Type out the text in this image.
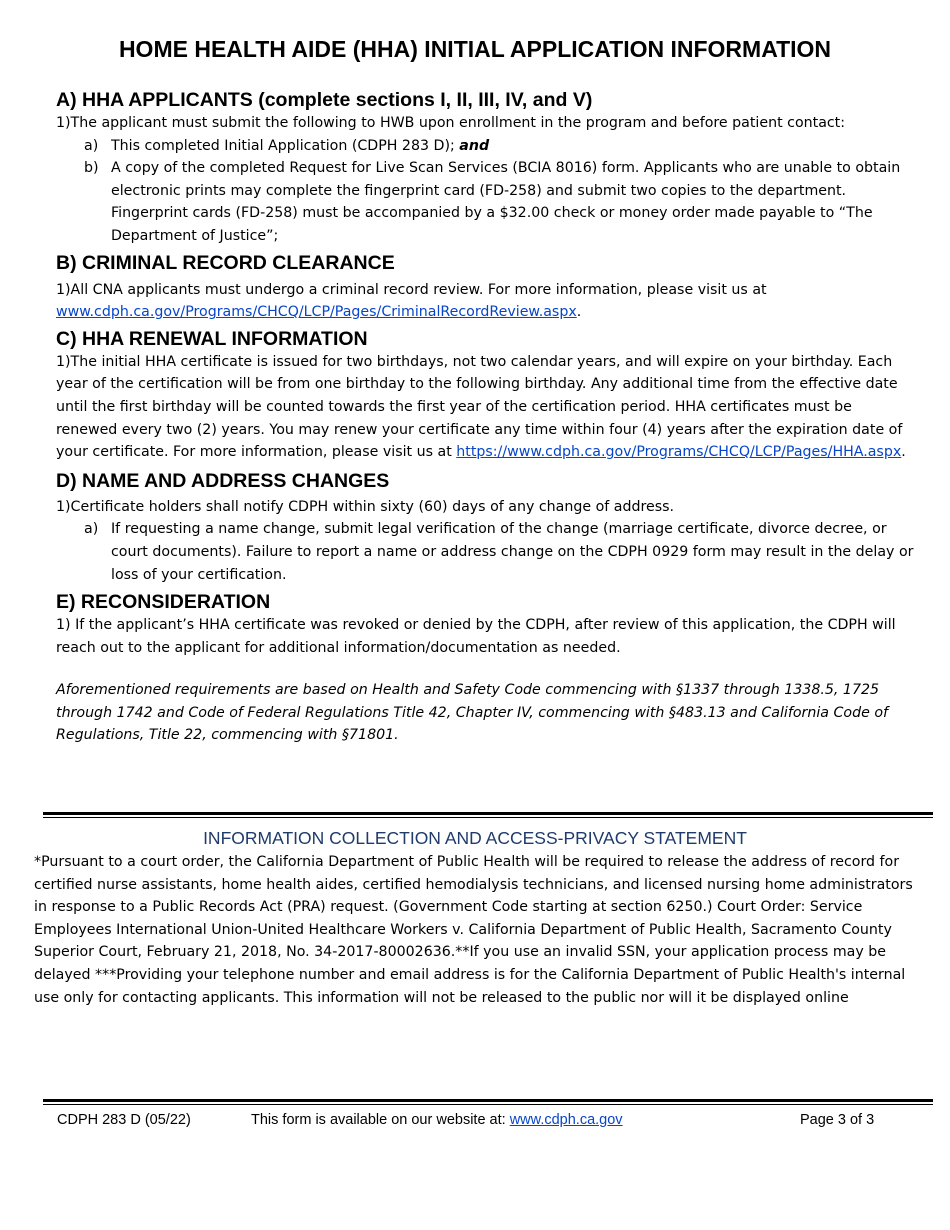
HOME HEALTH AIDE (HHA) INITIAL APPLICATION INFORMATION
A) HHA APPLICANTS (complete sections I, II, III, IV, and V)

1)The applicant must submit the following to HWB upon enrollment in the program and before patient contact:

a) This completed Initial Application (CDPH 283 D); and
b) A copy of the completed Request for Live Scan Services (BCIA 8016) form. Applicants who are unable to obtain electronic prints may complete the fingerprint card (FD-258) and submit two copies to the department. Fingerprint cards (FD-258) must be accompanied by a $32.00 check or money order made payable to “The Department of Justice”;
B) CRIMINAL RECORD CLEARANCE

1)All CNA applicants must undergo a criminal record review. For more information, please visit us at www.cdph.ca.gov/Programs/CHCQ/LCP/Pages/CriminalRecordReview.aspx.

C) HHA RENEWAL INFORMATION

1)The initial HHA certificate is issued for two birthdays, not two calendar years, and will expire on your birthday. Each year of the certification will be from one birthday to the following birthday. Any additional time from the effective date until the first birthday will be counted towards the first year of the certification period. HHA certificates must be renewed every two (2) years. You may renew your certificate any time within four (4) years after the expiration date of your certificate. For more information, please visit us at https://www.cdph.ca.gov/Programs/CHCQ/LCP/Pages/HHA.aspx.

D) NAME AND ADDRESS CHANGES

1)Certificate holders shall notify CDPH within sixty (60) days of any change of address.

a) If requesting a name change, submit legal verification of the change (marriage certificate, divorce decree, or court documents). Failure to report a name or address change on the CDPH 0929 form may result in the delay or loss of your certification.
E) RECONSIDERATION

1) If the applicant’s HHA certificate was revoked or denied by the CDPH, after review of this application, the CDPH will reach out to the applicant for additional information/documentation as needed.

Aforementioned requirements are based on Health and Safety Code commencing with §1337 through 1338.5, 1725 through 1742 and Code of Federal Regulations Title 42, Chapter IV, commencing with §483.13 and California Code of Regulations, Title 22, commencing with §71801.

INFORMATION COLLECTION AND ACCESS-PRIVACY STATEMENT

*Pursuant to a court order, the California Department of Public Health will be required to release the address of record for certified nurse assistants, home health aides, certified hemodialysis technicians, and licensed nursing home administrators in response to a Public Records Act (PRA) request. (Government Code starting at section 6250.) Court Order: Service Employees International Union-United Healthcare Workers v. California Department of Public Health, Sacramento County Superior Court, February 21, 2018, No. 34-2017-80002636.**If you use an invalid SSN, your application process may be delayed ***Providing your telephone number and email address is for the California Department of Public Health's internal use only for contacting applicants. This information will not be released to the public nor will it be displayed online

CDPH 283 D (05/22)	This form is available on our website at: www.cdph.ca.gov	Page 3 of 3
